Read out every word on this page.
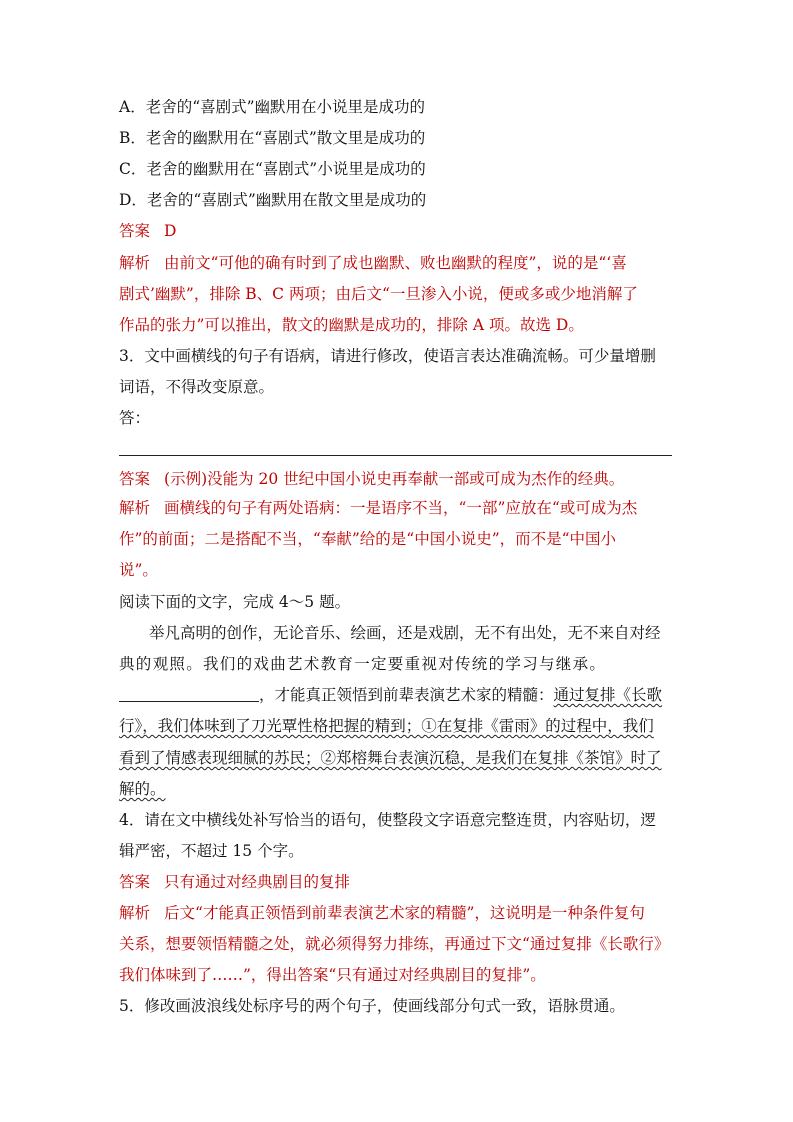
A．老舍的“喜剧式”幽默用在小说里是成功的
B．老舍的幽默用在“喜剧式”散文里是成功的
C．老舍的幽默用在“喜剧式”小说里是成功的
D．老舍的“喜剧式”幽默用在散文里是成功的
答案 D
解析 由前文“可他的确有时到了成也幽默、败也幽默的程度”，说的是“‘喜
剧式’幽默”，排除 B、C 两项；由后文“一旦渗入小说，便或多或少地消解了
作品的张力”可以推出，散文的幽默是成功的，排除 A 项。故选 D。
3．文中画横线的句子有语病，请进行修改，使语言表达准确流畅。可少量增删
词语，不得改变原意。
答：
答案 (示例)没能为 20 世纪中国小说史再奉献一部或可成为杰作的经典。
解析 画横线的句子有两处语病：一是语序不当，“一部”应放在“或可成为杰
作”的前面；二是搭配不当，“奉献”给的是“中国小说史”，而不是“中国小
说”。
阅读下面的文字，完成 4～5 题。
举凡高明的创作，无论音乐、绘画，还是戏剧，无不有出处，无不来自对经
典的观照。我们的戏曲艺术教育一定要重视对传统的学习与继承。
，才能真正领悟到前辈表演艺术家的精髓：通过复排《长歌
行》，我们体味到了刀光覃性格把握的精到；①在复排《雷雨》的过程中，我们
看到了情感表现细腻的苏民；②郑榕舞台表演沉稳，是我们在复排《茶馆》时了
解的。
4．请在文中横线处补写恰当的语句，使整段文字语意完整连贯，内容贴切，逻
辑严密，不超过 15 个字。
答案 只有通过对经典剧目的复排
解析 后文“才能真正领悟到前辈表演艺术家的精髓”，这说明是一种条件复句
关系，想要领悟精髓之处，就必须得努力排练，再通过下文“通过复排《长歌行》
我们体味到了……”，得出答案“只有通过对经典剧目的复排”。
5．修改画波浪线处标序号的两个句子，使画线部分句式一致，语脉贯通。
